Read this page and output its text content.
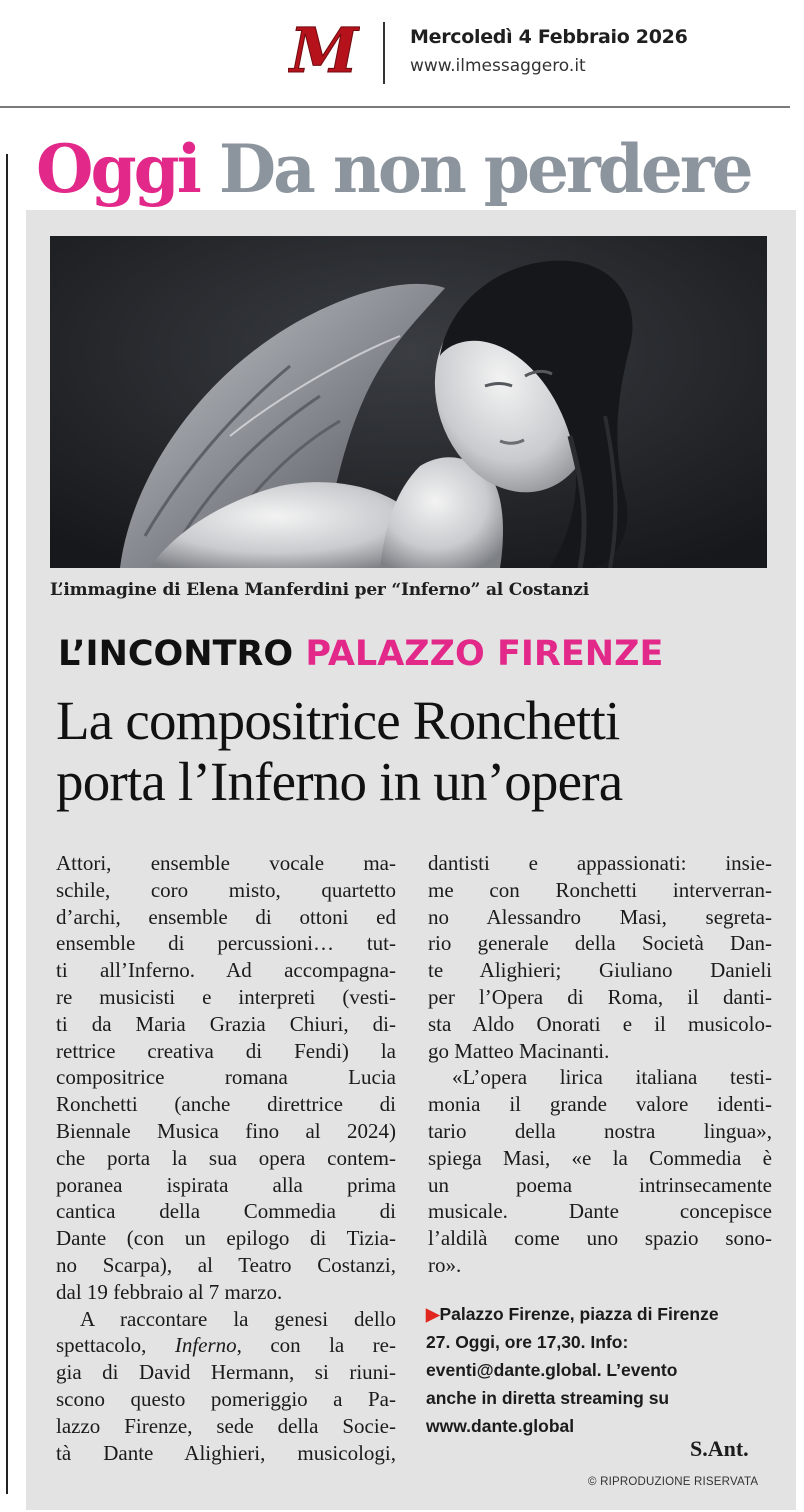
M	Mercoledì 4 Febbraio 2026
www.ilmessaggero.it
Oggi Da non perdere
L’immagine di Elena Manferdini per “Inferno” al Costanzi
L’INCONTRO PALAZZO FIRENZE
La compositrice Ronchetti
porta l’Inferno in un’opera
Attori, ensemble vocale ma-
schile, coro misto, quartetto
d’archi, ensemble di ottoni ed
ensemble di percussioni… tut-
ti all’Inferno. Ad accompagna-
re musicisti e interpreti (vesti-
ti da Maria Grazia Chiuri, di-
rettrice creativa di Fendi) la
compositrice romana Lucia
Ronchetti (anche direttrice di
Biennale Musica fino al 2024)
che porta la sua opera contem-
poranea ispirata alla prima
cantica della Commedia di
Dante (con un epilogo di Tizia-
no Scarpa), al Teatro Costanzi,
dal 19 febbraio al 7 marzo.
A raccontare la genesi dello
spettacolo, Inferno, con la re-
gia di David Hermann, si riuni-
scono questo pomeriggio a Pa-
lazzo Firenze, sede della Socie-
tà Dante Alighieri, musicologi,
dantisti e appassionati: insie-
me con Ronchetti interverran-
no Alessandro Masi, segreta-
rio generale della Società Dan-
te Alighieri; Giuliano Danieli
per l’Opera di Roma, il danti-
sta Aldo Onorati e il musicolo-
go Matteo Macinanti.
«L’opera lirica italiana testi-
monia il grande valore identi-
tario della nostra lingua»,
spiega Masi, «e la Commedia è
un poema intrinsecamente
musicale. Dante concepisce
l’aldilà come uno spazio sono-
ro».
▶Palazzo Firenze, piazza di Firenze
27. Oggi, ore 17,30. Info:
eventi@dante.global. L’evento
anche in diretta streaming su
www.dante.global
S.Ant.
© RIPRODUZIONE RISERVATA
